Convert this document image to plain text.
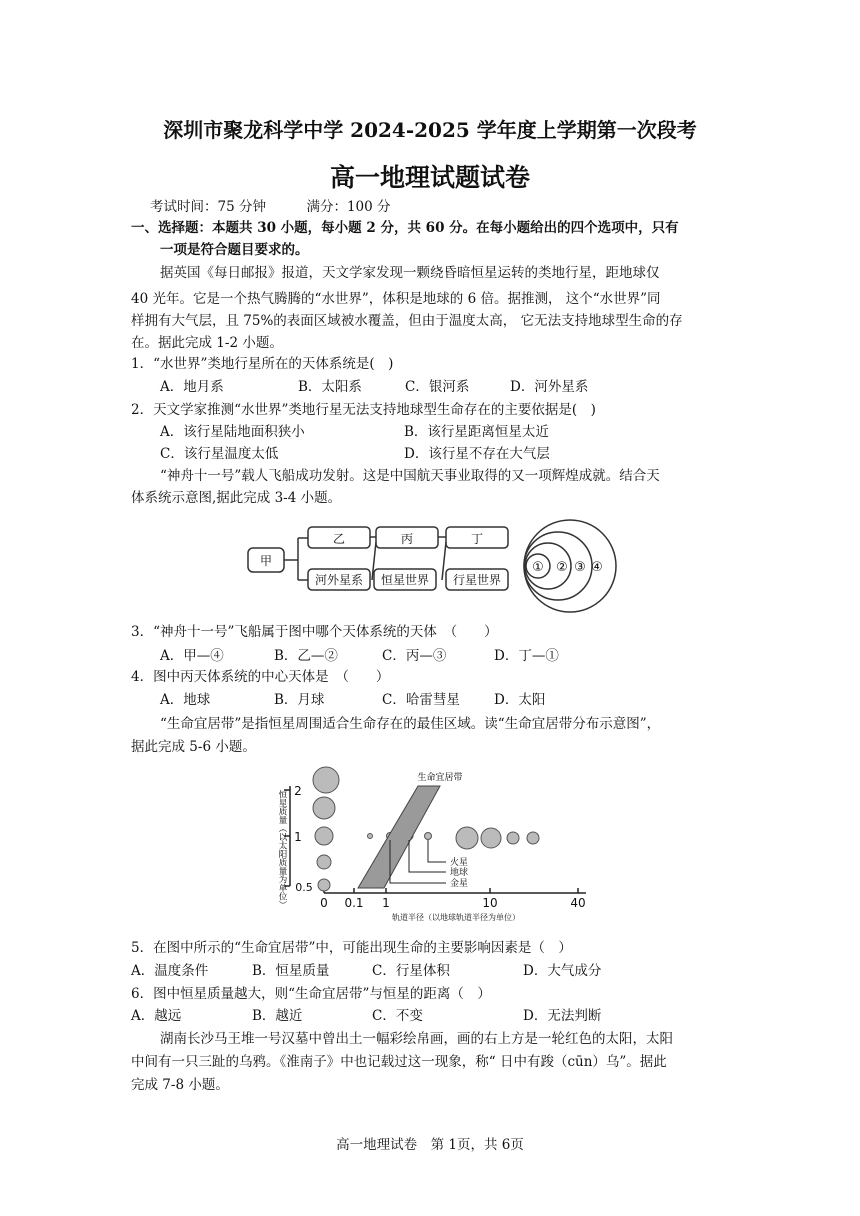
深圳市聚龙科学中学 2024-2025 学年度上学期第一次段考
高一地理试题试卷
考试时间：75 分钟　　　满分：100 分
一、选择题：本题共 30 小题，每小题 2 分，共 60 分。在每小题给出的四个选项中，只有
一项是符合题目要求的。
据英国《每日邮报》报道，天文学家发现一颗绕昏暗恒星运转的类地行星，距地球仅
40 光年。它是一个热气腾腾的“水世界”，体积是地球的 6 倍。据推测， 这个“水世界”同
样拥有大气层，且 75%的表面区域被水覆盖，但由于温度太高， 它无法支持地球型生命的存
在。据此完成 1-2 小题。
1．“水世界”类地行星所在的天体系统是(　)
A．地月系	B．太阳系	C．银河系	D．河外星系
2．天文学家推测“水世界”类地行星无法支持地球型生命存在的主要依据是(　)
A．该行星陆地面积狭小	B．该行星距离恒星太近
C．该行星温度太低	D．该行星不存在大气层
“神舟十一号”载人飞船成功发射。这是中国航天事业取得的又一项辉煌成就。结合天
体系统示意图,据此完成 3-4 小题。
甲
乙	丙	丁
河外星系 恒星世界 行星世界
① ② ③ ④
3．“神舟十一号”飞船属于图中哪个天体系统的天体　（　　）
A．甲—④	B．乙—②	C．丙—③	D．丁—①
4．图中丙天体系统的中心天体是　（　　）
A．地球	B．月球	C．哈雷彗星	D．太阳
“生命宜居带”是指恒星周围适合生命存在的最佳区域。读“生命宜居带分布示意图”，
据此完成 5-6 小题。
恒星质量（以太阳质量为单位） 2
1
0.5
0 0.1 1	10	40
轨道半径（以地球轨道半径为单位）
生命宜居带
火星
地球
金星
5．在图中所示的“生命宜居带”中，可能出现生命的主要影响因素是（　）
A．温度条件	B．恒星质量	C．行星体积	D．大气成分
6．图中恒星质量越大，则“生命宜居带”与恒星的距离（　）
A．越远	B．越近	C．不变	D．无法判断
湖南长沙马王堆一号汉墓中曾出土一幅彩绘帛画，画的右上方是一轮红色的太阳，太阳
中间有一只三趾的乌鸦。《淮南子》中也记载过这一现象，称“ 日中有踆（cūn）乌”。据此
完成 7-8 小题。
高一地理试卷　第 1页，共 6页
